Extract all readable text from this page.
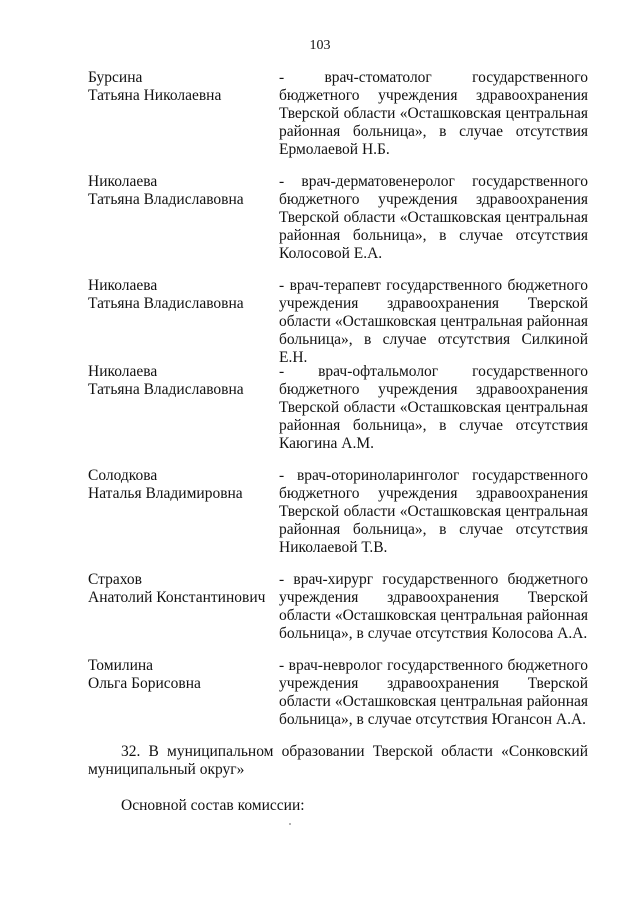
103
Бурсина
Татьяна Николаевна
- врач-стоматолог государственного бюджетного учреждения здравоохранения Тверской области «Осташковская центральная районная больница», в случае отсутствия Ермолаевой Н.Б.
Николаева
Татьяна Владиславовна
- врач-дерматовенеролог государственного бюджетного учреждения здравоохранения Тверской области «Осташковская центральная районная больница», в случае отсутствия Колосовой Е.А.
Николаева
Татьяна Владиславовна
- врач-терапевт государственного бюджетного учреждения здравоохранения Тверской области «Осташковская центральная районная больница», в случае отсутствия Силкиной Е.Н.
Николаева
Татьяна Владиславовна
- врач-офтальмолог государственного бюджетного учреждения здравоохранения Тверской области «Осташковская центральная районная больница», в случае отсутствия Каюгина А.М.
Солодкова
Наталья Владимировна
- врач-оториноларинголог государственного бюджетного учреждения здравоохранения Тверской области «Осташковская центральная районная больница», в случае отсутствия Николаевой Т.В.
Страхов
Анатолий Константинович
- врач-хирург государственного бюджетного учреждения здравоохранения Тверской области «Осташковская центральная районная больница», в случае отсутствия Колосова А.А.
Томилина
Ольга Борисовна
- врач-невролог государственного бюджетного учреждения здравоохранения Тверской области «Осташковская центральная районная больница», в случае отсутствия Югансон А.А.
32. В муниципальном образовании Тверской области «Сонковский муниципальный округ»
Основной состав комиссии:
